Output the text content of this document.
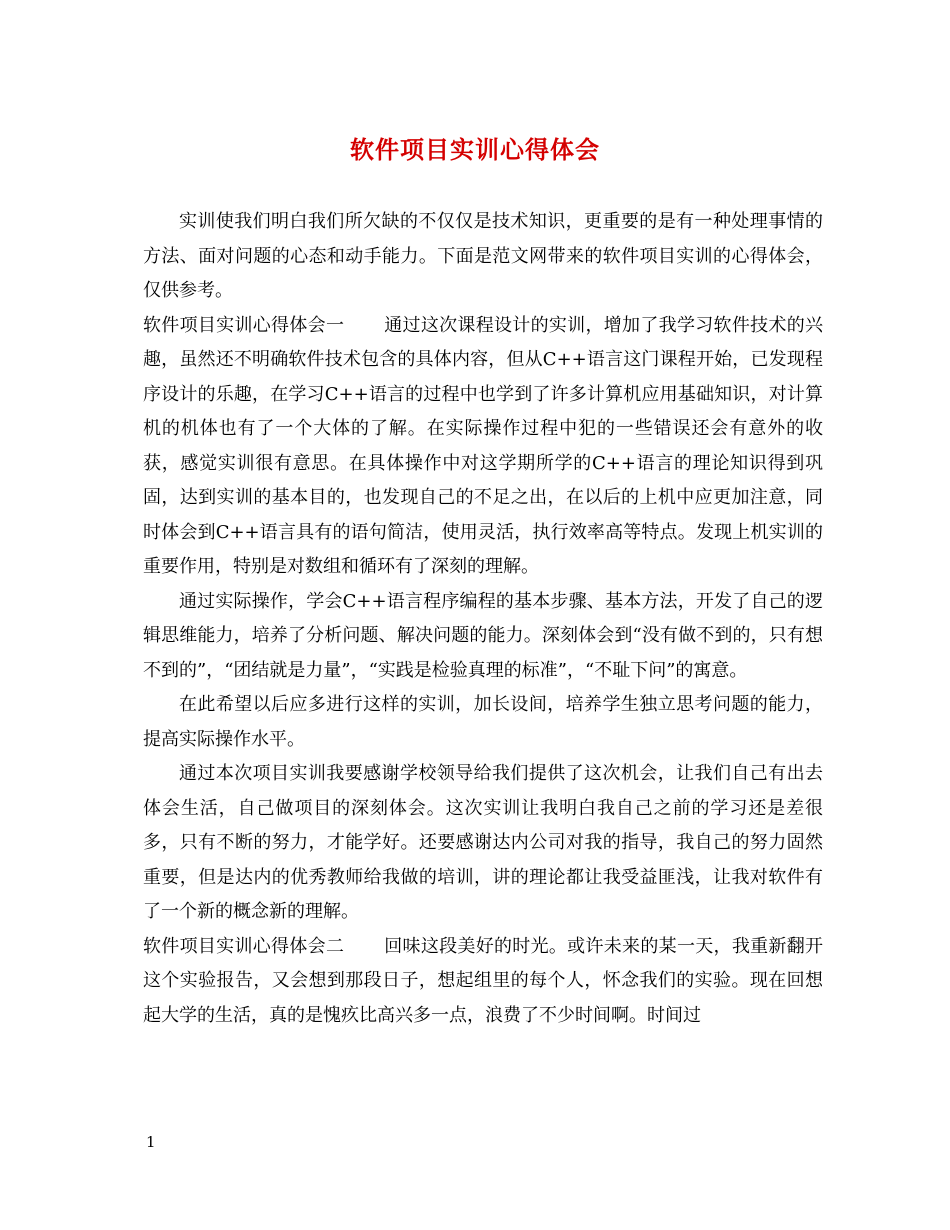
软件项目实训心得体会

实训使我们明白我们所欠缺的不仅仅是技术知识，更重要的是有一种处理事情的方法、面对问题的心态和动手能力。下面是范文网带来的软件项目实训的心得体会，仅供参考。

软件项目实训心得体会一 通过这次课程设计的实训，增加了我学习软件技术的兴趣，虽然还不明确软件技术包含的具体内容，但从C++语言这门课程开始，已发现程序设计的乐趣，在学习C++语言的过程中也学到了许多计算机应用基础知识，对计算机的机体也有了一个大体的了解。在实际操作过程中犯的一些错误还会有意外的收获，感觉实训很有意思。在具体操作中对这学期所学的C++语言的理论知识得到巩固，达到实训的基本目的，也发现自己的不足之出，在以后的上机中应更加注意，同时体会到C++语言具有的语句简洁，使用灵活，执行效率高等特点。发现上机实训的重要作用，特别是对数组和循环有了深刻的理解。

通过实际操作，学会C++语言程序编程的基本步骤、基本方法，开发了自己的逻辑思维能力，培养了分析问题、解决问题的能力。深刻体会到“没有做不到的，只有想不到的”，“团结就是力量”，“实践是检验真理的标准”，“不耻下问”的寓意。

在此希望以后应多进行这样的实训，加长设间，培养学生独立思考问题的能力，提高实际操作水平。

通过本次项目实训我要感谢学校领导给我们提供了这次机会，让我们自己有出去体会生活，自己做项目的深刻体会。这次实训让我明白我自己之前的学习还是差很多，只有不断的努力，才能学好。还要感谢达内公司对我的指导，我自己的努力固然重要，但是达内的优秀教师给我做的培训，讲的理论都让我受益匪浅，让我对软件有了一个新的概念新的理解。

软件项目实训心得体会二 回味这段美好的时光。或许未来的某一天，我重新翻开这个实验报告，又会想到那段日子，想起组里的每个人，怀念我们的实验。现在回想起大学的生活，真的是愧疚比高兴多一点，浪费了不少时间啊。时间过

1
